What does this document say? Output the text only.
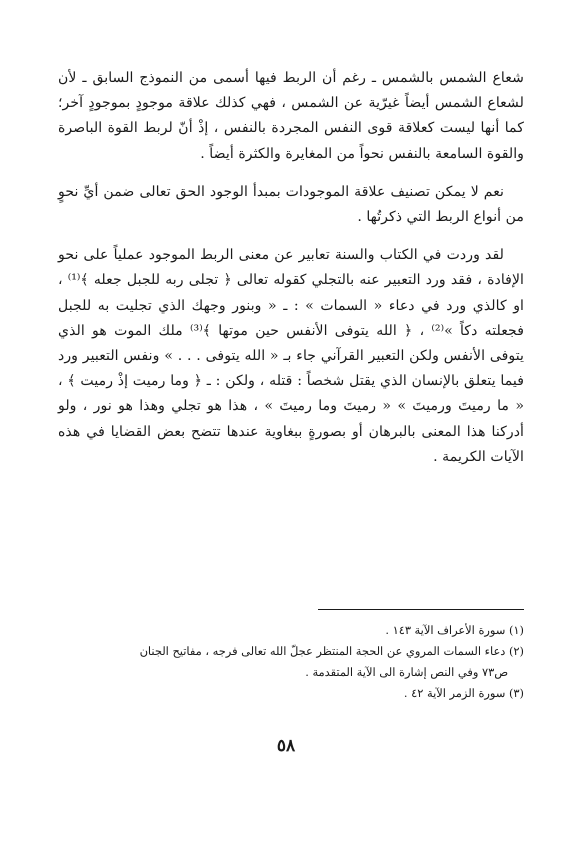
شعاع الشمس بالشمس ـ رغم أن الربط فيها أسمى من النموذج السابق ـ لأن لشعاع الشمس أيضاً غيرّية عن الشمس ، فهي كذلك علاقة موجودٍ بموجودٍ آخر؛ كما أنها ليست كعلاقة قوى النفس المجردة بالنفس ، إذْ أنّ لربط القوة الباصرة والقوة السامعة بالنفس نحواً من المغايرة والكثرة أيضاً .

نعم لا يمكن تصنيف علاقة الموجودات بمبدأ الوجود الحق تعالى ضمن أيِّ نحوٍ من أنواع الربط التي ذكرتُها .

لقد وردت في الكتاب والسنة تعابير عن معنى الربط الموجود عملياً على نحو الإفادة ، فقد ورد التعبير عنه بالتجلي كقوله تعالى ﴿ تجلى ربه للجبل جعله ﴾⁽¹⁾ ، او كالذي ورد في دعاء « السمات » : ـ « وبنور وجهك الذي تجليت به للجبل فجعلته دكاً »⁽²⁾ ، ﴿ الله يتوفى الأنفس حين موتها ﴾⁽³⁾ ملك الموت هو الذي يتوفى الأنفس ولكن التعبير القرآني جاء بـ « الله يتوفى . . . » ونفس التعبير ورد فيما يتعلق بالإنسان الذي يقتل شخصاً : قتله ، ولكن : ـ ﴿ وما رميت إذْ رميت ﴾ ، « ما رميتَ ورميتَ » « رميتَ وما رميتَ » ، هذا هو تجلي وهذا هو نور ، ولو أدركنا هذا المعنى بالبرهان أو بصورةٍ ببغاوية عندها تتضح بعض القضايا في هذه الآيات الكريمة .

(١) سورة الأعراف الآية ١٤٣ .

(٢) دعاء السمات المروي عن الحجة المنتظر عجلّ الله تعالى فرجه ، مفاتيح الجنان

ص٧٣ وفي النص إشارة الى الآية المتقدمة .

(٣) سورة الزمر الآية ٤٢ .

٥٨
